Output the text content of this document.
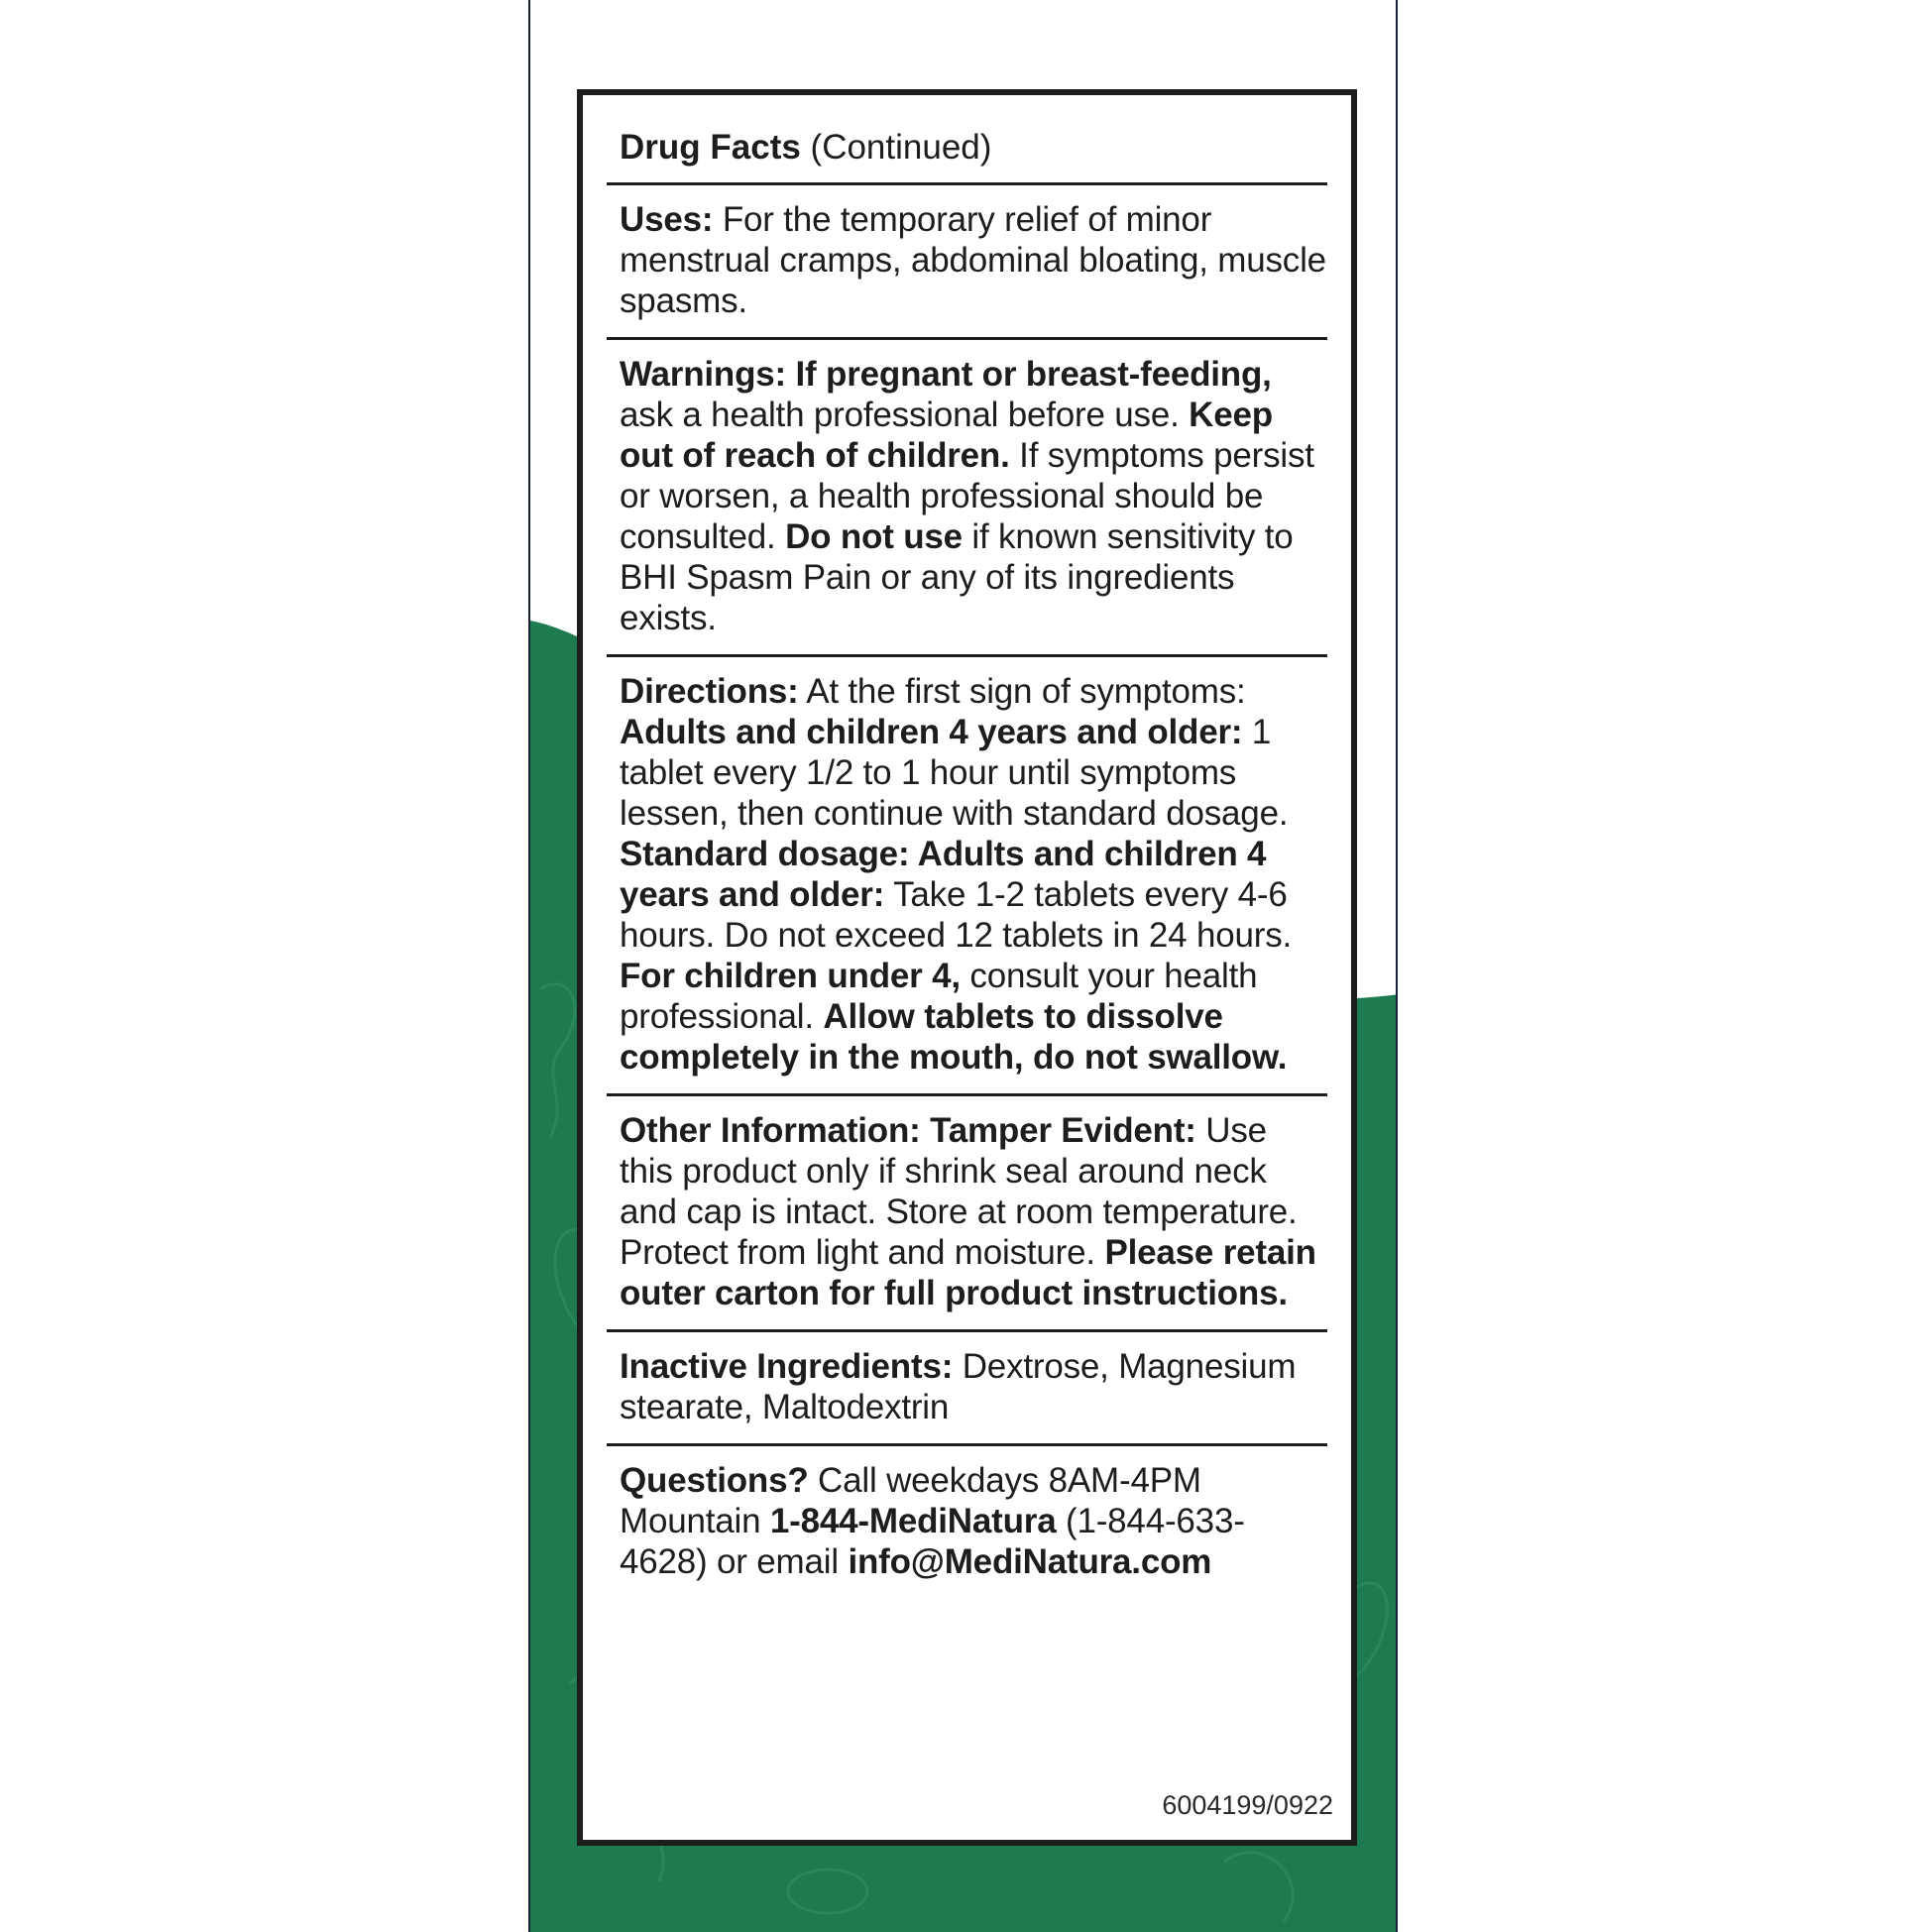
Drug Facts (Continued)

Uses: For the temporary relief of minor menstrual cramps, abdominal bloating, muscle spasms.

Warnings: If pregnant or breast-feeding, ask a health professional before use. Keep out of reach of children. If symptoms persist or worsen, a health professional should be consulted. Do not use if known sensitivity to BHI Spasm Pain or any of its ingredients exists.

Directions: At the first sign of symptoms: Adults and children 4 years and older: 1 tablet every 1/2 to 1 hour until symptoms lessen, then continue with standard dosage. Standard dosage: Adults and children 4 years and older: Take 1-2 tablets every 4-6 hours. Do not exceed 12 tablets in 24 hours. For children under 4, consult your health professional. Allow tablets to dissolve completely in the mouth, do not swallow.

Other Information: Tamper Evident: Use this product only if shrink seal around neck and cap is intact. Store at room temperature. Protect from light and moisture. Please retain outer carton for full product instructions.

Inactive Ingredients: Dextrose, Magnesium stearate, Maltodextrin

Questions? Call weekdays 8AM-4PM Mountain 1-844-MediNatura (1-844-633-4628) or email info@MediNatura.com

6004199/0922
